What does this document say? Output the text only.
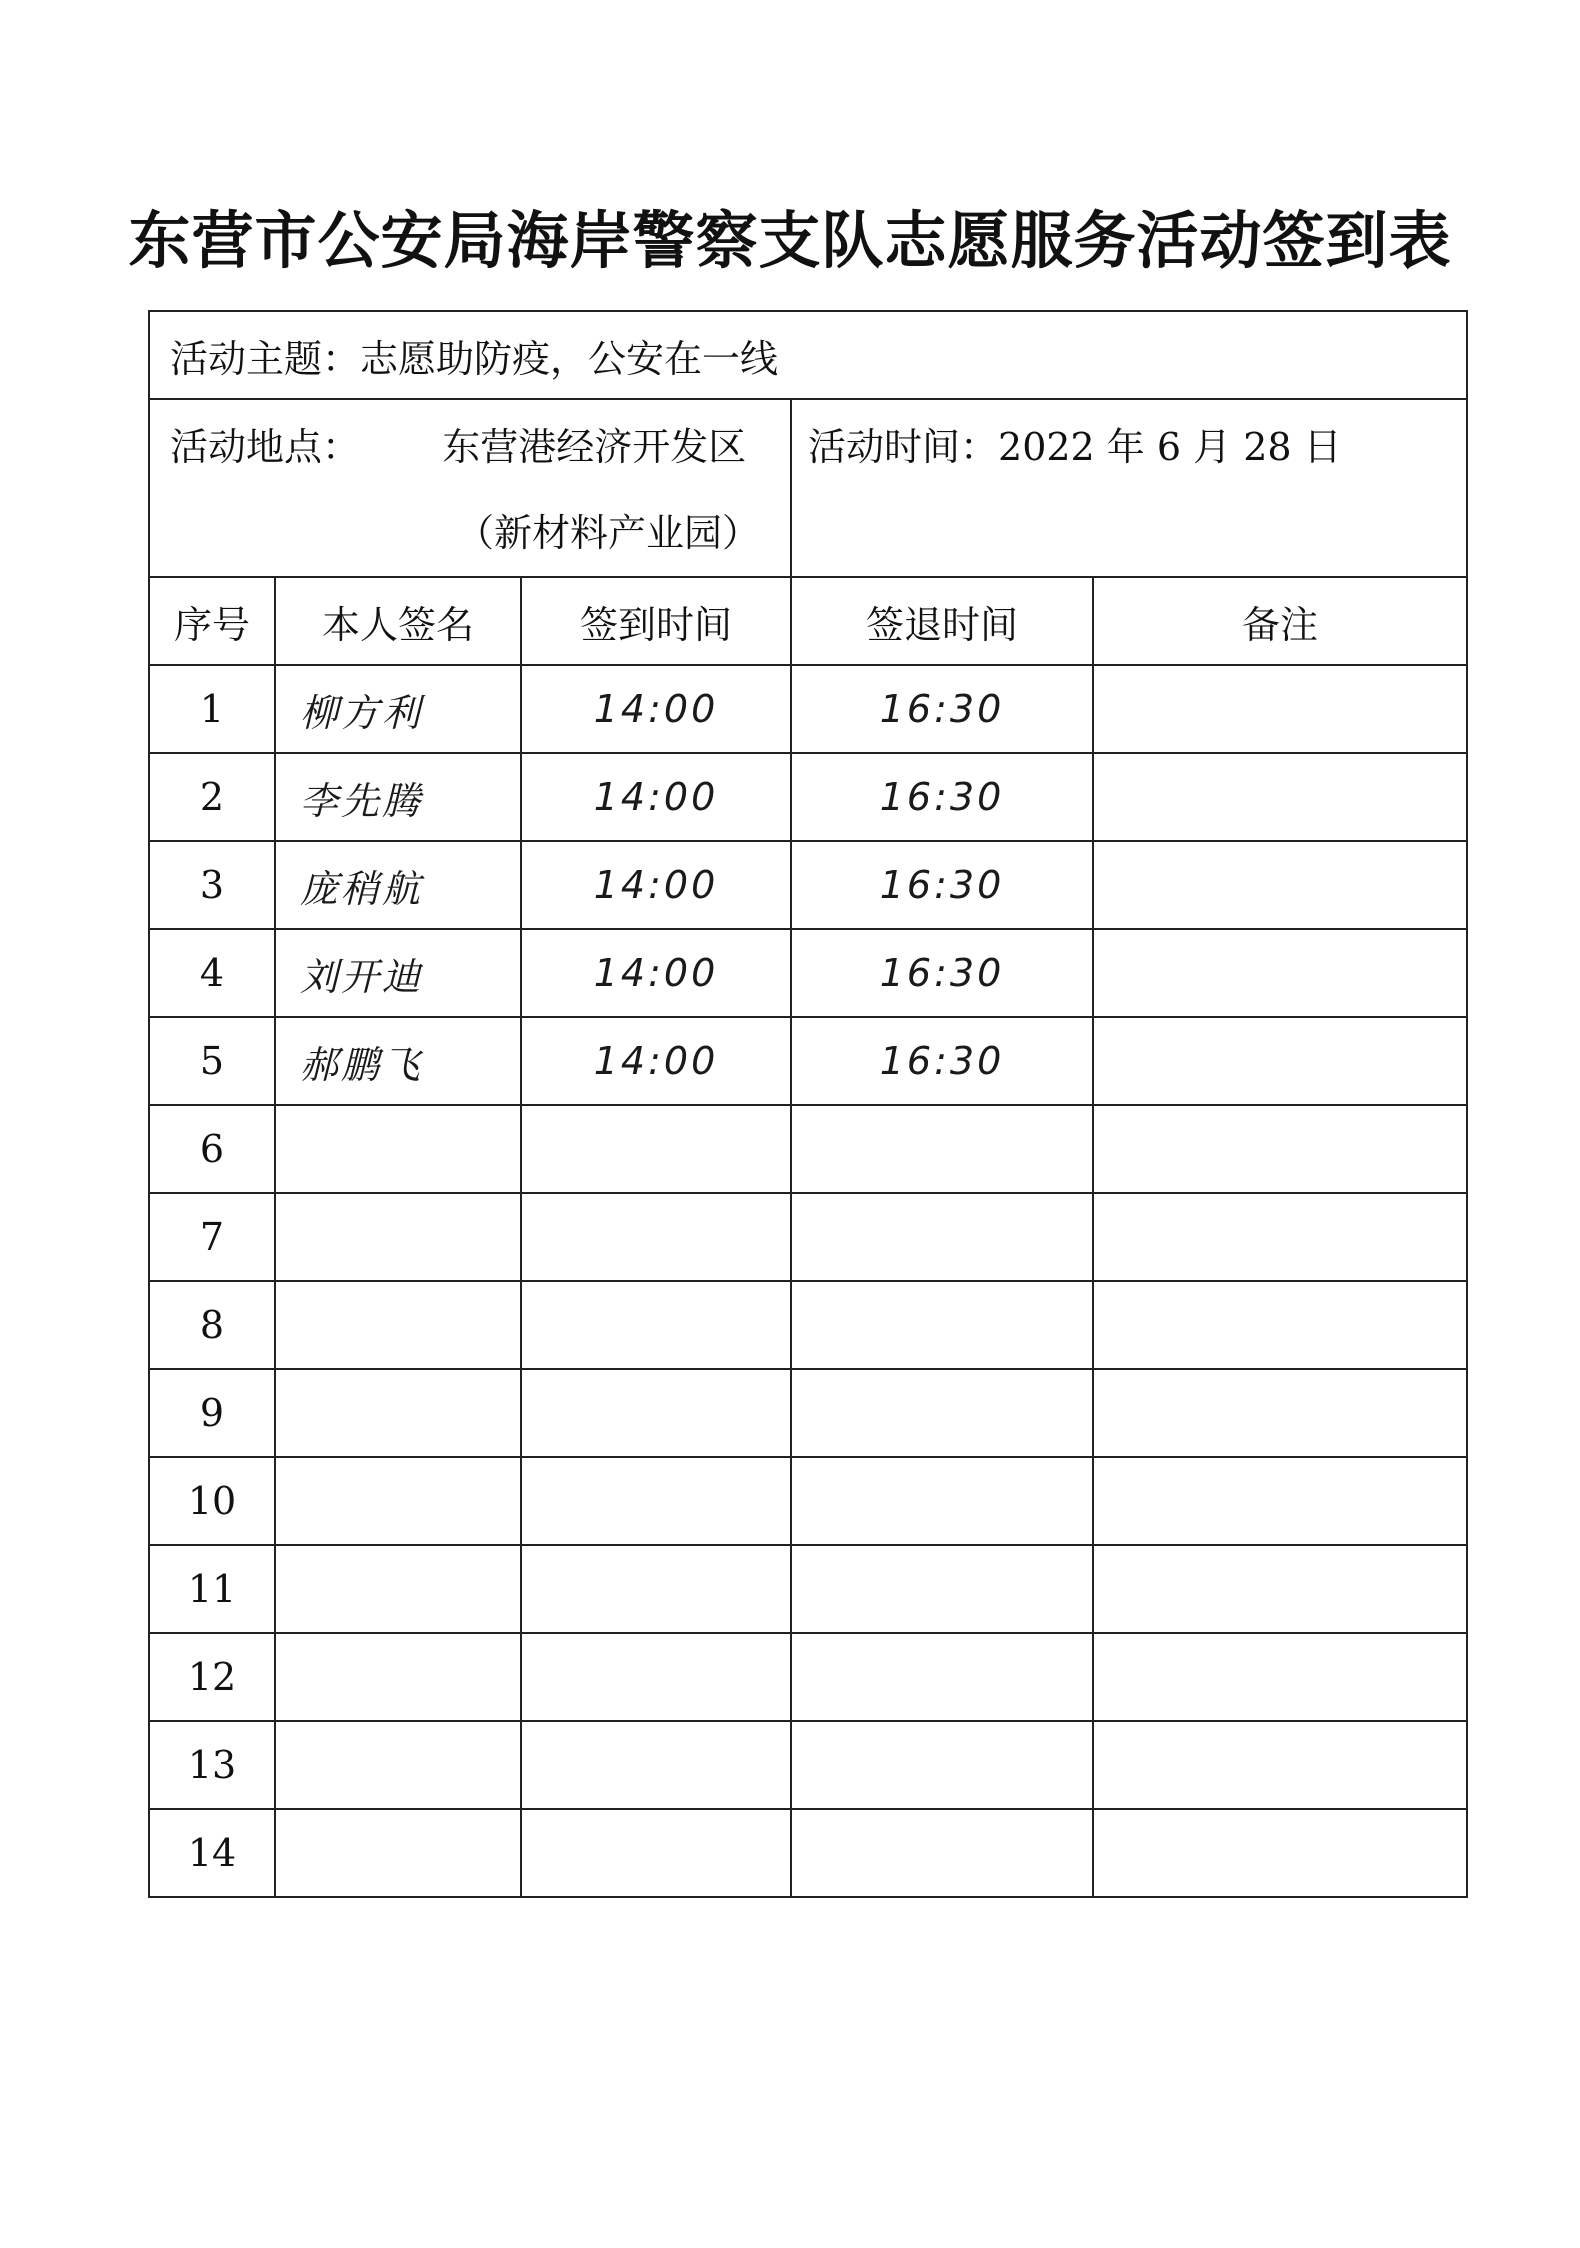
东营市公安局海岸警察支队志愿服务活动签到表
活动主题：志愿助防疫，公安在一线				

活动地点： 东营港经济开发区
（新材料产业园）			活动时间：2022 年 6 月 28 日	

序号	本人签名	签到时间	签退时间	备注
1	柳方利	14:00	16:30	
2	李先腾	14:00	16:30	
3	庞稍航	14:00	16:30	
4	刘开迪	14:00	16:30	
5	郝鹏飞	14:00	16:30	
6				
7				
8				
9				
10				
11				
12				
13				
14				
